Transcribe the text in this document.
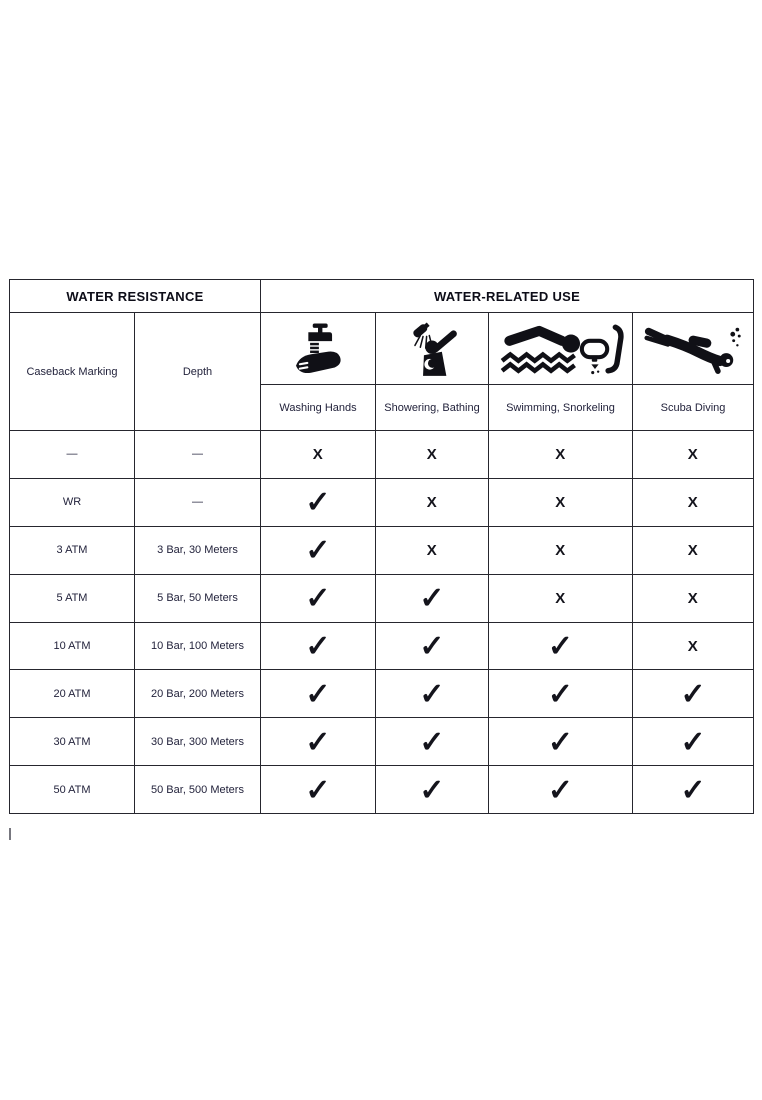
WATER RESISTANCE		WATER-RELATED USE			
Caseback Marking	Depth	

		Washing Hands	Showering, Bathing	Swimming, Snorkeling	Scuba Diving
—	—	X	X	X	X
WR	—	✓	X	X	X
3 ATM	3 Bar, 30 Meters	✓	X	X	X
5 ATM	5 Bar, 50 Meters	✓	✓	X	X
10 ATM	10 Bar, 100 Meters	✓	✓	✓	X
20 ATM	20 Bar, 200 Meters	✓	✓	✓	✓
30 ATM	30 Bar, 300 Meters	✓	✓	✓	✓
50 ATM	50 Bar, 500 Meters	✓	✓	✓	✓
